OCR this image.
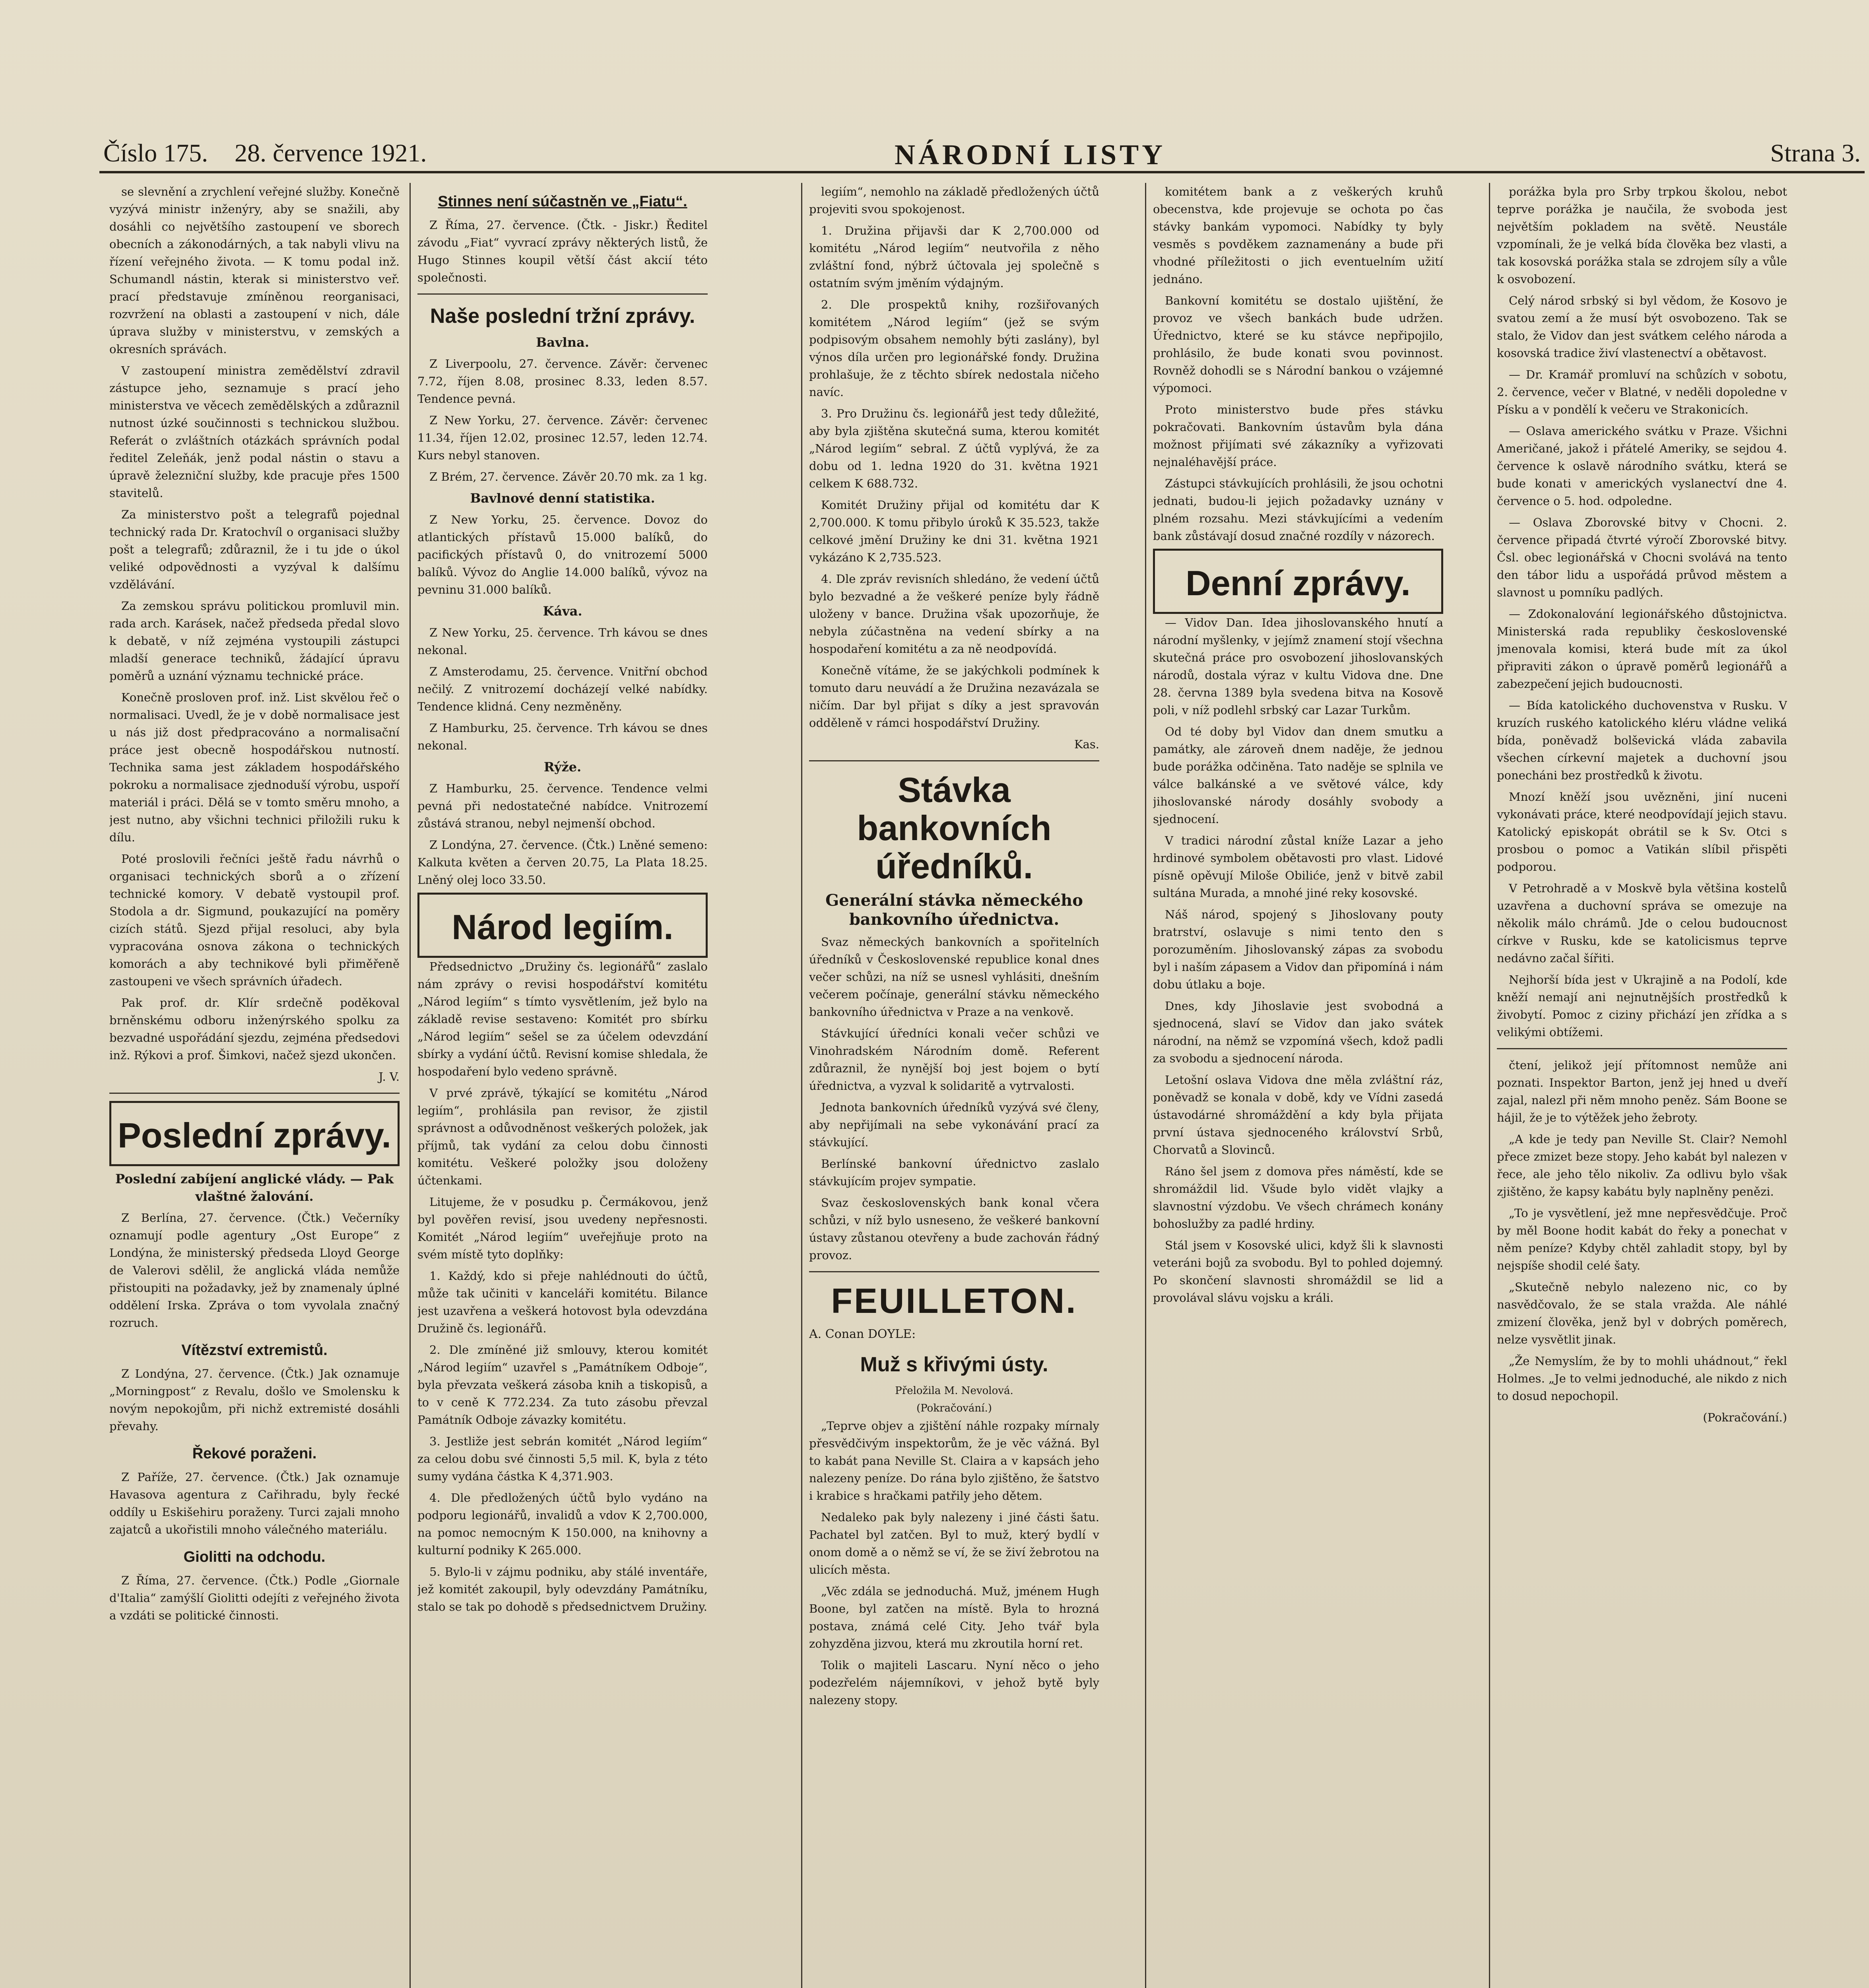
Číslo 175. 28. července 1921.	NÁRODNÍ LISTY	Strana 3.

se slevnění a zrychlení veřejné služby. Konečně vyzývá ministr inženýry, aby se snažili, aby dosáhli co největšího zastoupení ve sborech obecních a zákonodárných, a tak nabyli vlivu na řízení veřejného života. — K tomu podal inž. Schumandl nástin, kterak si ministerstvo veř. prací představuje zmíněnou reorganisaci, rozvržení na oblasti a zastoupení v nich, dále úprava služby v ministerstvu, v zemských a okresních správách.

V zastoupení ministra zemědělství zdravil zástupce jeho, seznamuje s prací jeho ministerstva ve věcech zemědělských a zdůraznil nutnost úzké součinnosti s technickou službou. Referát o zvláštních otázkách správních podal ředitel Zeleňák, jenž podal nástin o stavu a úpravě železniční služby, kde pracuje přes 1500 stavitelů.

Za ministerstvo pošt a telegrafů pojednal technický rada Dr. Kratochvíl o organisaci služby pošt a telegrafů; zdůraznil, že i tu jde o úkol veliké odpovědnosti a vyzýval k dalšímu vzdělávání.

Za zemskou správu politickou promluvil min. rada arch. Karásek, načež předseda předal slovo k debatě, v níž zejména vystoupili zástupci mladší generace techniků, žádající úpravu poměrů a uznání významu technické práce.

Konečně prosloven prof. inž. List skvělou řeč o normalisaci. Uvedl, že je v době normalisace jest u nás již dost předpracováno a normalisační práce jest obecně hospodářskou nutností. Technika sama jest základem hospodářského pokroku a normalisace zjednoduší výrobu, uspoří materiál i práci. Dělá se v tomto směru mnoho, a jest nutno, aby všichni technici přiložili ruku k dílu.

Poté proslovili řečníci ještě řadu návrhů o organisaci technických sborů a o zřízení technické komory. V debatě vystoupil prof. Stodola a dr. Sigmund, poukazující na poměry cizích států. Sjezd přijal resoluci, aby byla vypracována osnova zákona o technických komorách a aby technikové byli přiměřeně zastoupeni ve všech správních úřadech.

Pak prof. dr. Klír srdečně poděkoval brněnskému odboru inženýrského spolku za bezvadné uspořádání sjezdu, zejména předsedovi inž. Rýkovi a prof. Šimkovi, načež sjezd ukončen.

J. V.
Poslední zprávy.
Poslední zabíjení anglické vlády. — Pak vlaštné žalování.

Z Berlína, 27. července. (Čtk.) Večerníky oznamují podle agentury „Ost Europe“ z Londýna, že ministerský předseda Lloyd George de Valerovi sdělil, že anglická vláda nemůže přistoupiti na požadavky, jež by znamenaly úplné oddělení Irska. Zpráva o tom vyvolala značný rozruch.

Vítězství extremistů.

Z Londýna, 27. července. (Čtk.) Jak oznamuje „Morningpost“ z Revalu, došlo ve Smolensku k novým nepokojům, při nichž extremisté dosáhli převahy.

Řekové poraženi.

Z Paříže, 27. července. (Čtk.) Jak oznamuje Havasova agentura z Cařihradu, byly řecké oddíly u Eskišehiru poraženy. Turci zajali mnoho zajatců a ukořistili mnoho válečného materiálu.

Giolitti na odchodu.

Z Říma, 27. července. (Čtk.) Podle „Giornale d'Italia“ zamýšlí Giolitti odejíti z veřejného života a vzdáti se politické činnosti.

Stinnes není súčastněn ve „Fiatu“.

Z Říma, 27. července. (Čtk. - Jiskr.) Ředitel závodu „Fiat“ vyvrací zprávy některých listů, že Hugo Stinnes koupil větší část akcií této společnosti.

Naše poslední tržní zprávy.
Bavlna.

Z Liverpoolu, 27. července. Závěr: červenec 7.72, říjen 8.08, prosinec 8.33, leden 8.57. Tendence pevná.

Z New Yorku, 27. července. Závěr: červenec 11.34, říjen 12.02, prosinec 12.57, leden 12.74. Kurs nebyl stanoven.

Z Brém, 27. července. Závěr 20.70 mk. za 1 kg.

Bavlnové denní statistika.

Z New Yorku, 25. července. Dovoz do atlantických přístavů 15.000 balíků, do pacifických přístavů 0, do vnitrozemí 5000 balíků. Vývoz do Anglie 14.000 balíků, vývoz na pevninu 31.000 balíků.

Káva.

Z New Yorku, 25. července. Trh kávou se dnes nekonal.

Z Amsterodamu, 25. července. Vnitřní obchod nečilý. Z vnitrozemí docházejí velké nabídky. Tendence klidná. Ceny nezměněny.

Z Hamburku, 25. července. Trh kávou se dnes nekonal.

Rýže.

Z Hamburku, 25. července. Tendence velmi pevná při nedostatečné nabídce. Vnitrozemí zůstává stranou, nebyl nejmenší obchod.

Z Londýna, 27. července. (Čtk.) Lněné semeno: Kalkuta květen a červen 20.75, La Plata 18.25. Lněný olej loco 33.50.

Národ legiím.

Předsednictvo „Družiny čs. legionářů“ zaslalo nám zprávy o revisi hospodářství komitétu „Národ legiím“ s tímto vysvětlením, jež bylo na základě revise sestaveno: Komitét pro sbírku „Národ legiím“ sešel se za účelem odevzdání sbírky a vydání účtů. Revisní komise shledala, že hospodaření bylo vedeno správně.

V prvé zprávě, týkající se komitétu „Národ legiím“, prohlásila pan revisor, že zjistil správnost a odůvodněnost veškerých položek, jak příjmů, tak vydání za celou dobu činnosti komitétu. Veškeré položky jsou doloženy účtenkami.

Litujeme, že v posudku p. Čermákovou, jenž byl pověřen revisí, jsou uvedeny nepřesnosti. Komitét „Národ legiím“ uveřejňuje proto na svém místě tyto doplňky:

1. Každý, kdo si přeje nahlédnouti do účtů, může tak učiniti v kanceláři komitétu. Bilance jest uzavřena a veškerá hotovost byla odevzdána Družině čs. legionářů.

2. Dle zmíněné již smlouvy, kterou komitét „Národ legiím“ uzavřel s „Památníkem Odboje“, byla převzata veškerá zásoba knih a tiskopisů, a to v ceně K 772.234. Za tuto zásobu převzal Památník Odboje závazky komitétu.

3. Jestliže jest sebrán komitét „Národ legiím“ za celou dobu své činnosti 5,5 mil. K, byla z této sumy vydána částka K 4,371.903.

4. Dle předložených účtů bylo vydáno na podporu legionářů, invalidů a vdov K 2,700.000, na pomoc nemocným K 150.000, na knihovny a kulturní podniky K 265.000.

5. Bylo-li v zájmu podniku, aby stálé inventáře, jež komitét zakoupil, byly odevzdány Památníku, stalo se tak po dohodě s předsednictvem Družiny.

legiím“, nemohlo na základě předložených účtů projeviti svou spokojenost.

1. Družina přijavši dar K 2,700.000 od komitétu „Národ legiím“ neutvořila z něho zvláštní fond, nýbrž účtovala jej společně s ostatním svým jměním výdajným.

2. Dle prospektů knihy, rozšiřovaných komitétem „Národ legiím“ (jež se svým podpisovým obsahem nemohly býti zaslány), byl výnos díla určen pro legionářské fondy. Družina prohlašuje, že z těchto sbírek nedostala ničeho navíc.

3. Pro Družinu čs. legionářů jest tedy důležité, aby byla zjištěna skutečná suma, kterou komitét „Národ legiím“ sebral. Z účtů vyplývá, že za dobu od 1. ledna 1920 do 31. května 1921 celkem K 688.732.

Komitét Družiny přijal od komitétu dar K 2,700.000. K tomu přibylo úroků K 35.523, takže celkové jmění Družiny ke dni 31. května 1921 vykázáno K 2,735.523.

4. Dle zpráv revisních shledáno, že vedení účtů bylo bezvadné a že veškeré peníze byly řádně uloženy v bance. Družina však upozorňuje, že nebyla zúčastněna na vedení sbírky a na hospodaření komitétu a za ně neodpovídá.

Konečně vítáme, že se jakýchkoli podmínek k tomuto daru neuvádí a že Družina nezavázala se ničím. Dar byl přijat s díky a jest spravován odděleně v rámci hospodářství Družiny.

Kas.
Stávka bankovních úředníků.
Generální stávka německého bankovního úřednictva.

Svaz německých bankovních a spořitelních úředníků v Československé republice konal dnes večer schůzi, na níž se usnesl vyhlásiti, dnešním večerem počínaje, generální stávku německého bankovního úřednictva v Praze a na venkově.

Stávkující úředníci konali večer schůzi ve Vinohradském Národním domě. Referent zdůraznil, že nynější boj jest bojem o bytí úřednictva, a vyzval k solidaritě a vytrvalosti.

Jednota bankovních úředníků vyzývá své členy, aby nepřijímali na sebe vykonávání prací za stávkující.

Berlínské bankovní úřednictvo zaslalo stávkujícím projev sympatie.

Svaz československých bank konal včera schůzi, v níž bylo usneseno, že veškeré bankovní ústavy zůstanou otevřeny a bude zachován řádný provoz.

FEUILLETON.
A. Conan DOYLE:
Muž s křivými ústy.
Přeložila M. Nevolová.
(Pokračování.)

„Teprve objev a zjištění náhle rozpaky mírnaly přesvědčivým inspektorům, že je věc vážná. Byl to kabát pana Neville St. Claira a v kapsách jeho nalezeny peníze. Do rána bylo zjištěno, že šatstvo i krabice s hračkami patřily jeho dětem.

Nedaleko pak byly nalezeny i jiné části šatu. Pachatel byl zatčen. Byl to muž, který bydlí v onom domě a o němž se ví, že se živí žebrotou na ulicích města.

„Věc zdála se jednoduchá. Muž, jménem Hugh Boone, byl zatčen na místě. Byla to hrozná postava, známá celé City. Jeho tvář byla zohyzděna jizvou, která mu zkroutila horní ret.

Tolik o majiteli Lascaru. Nyní něco o jeho podezřelém nájemníkovi, v jehož bytě byly nalezeny stopy.

komitétem bank a z veškerých kruhů obecenstva, kde projevuje se ochota po čas stávky bankám vypomoci. Nabídky ty byly vesměs s povděkem zaznamenány a bude při vhodné příležitosti o jich eventuelním užití jednáno.

Bankovní komitétu se dostalo ujištění, že provoz ve všech bankách bude udržen. Úřednictvo, které se ku stávce nepřipojilo, prohlásilo, že bude konati svou povinnost. Rovněž dohodli se s Národní bankou o vzájemné výpomoci.

Proto ministerstvo bude přes stávku pokračovati. Bankovním ústavům byla dána možnost přijímati své zákazníky a vyřizovati nejnaléhavější práce.

Zástupci stávkujících prohlásili, že jsou ochotni jednati, budou-li jejich požadavky uznány v plném rozsahu. Mezi stávkujícími a vedením bank zůstávají dosud značné rozdíly v názorech.

Denní zprávy.

— Vidov Dan. Idea jihoslovanského hnutí a národní myšlenky, v jejímž znamení stojí všechna skutečná práce pro osvobození jihoslovanských národů, dostala výraz v kultu Vidova dne. Dne 28. června 1389 byla svedena bitva na Kosově poli, v níž podlehl srbský car Lazar Turkům.

Od té doby byl Vidov dan dnem smutku a památky, ale zároveň dnem naděje, že jednou bude porážka odčiněna. Tato naděje se splnila ve válce balkánské a ve světové válce, kdy jihoslovanské národy dosáhly svobody a sjednocení.

V tradici národní zůstal kníže Lazar a jeho hrdinové symbolem obětavosti pro vlast. Lidové písně opěvují Miloše Obiliće, jenž v bitvě zabil sultána Murada, a mnohé jiné reky kosovské.

Náš národ, spojený s Jihoslovany pouty bratrství, oslavuje s nimi tento den s porozuměním. Jihoslovanský zápas za svobodu byl i naším zápasem a Vidov dan připomíná i nám dobu útlaku a boje.

Dnes, kdy Jihoslavie jest svobodná a sjednocená, slaví se Vidov dan jako svátek národní, na němž se vzpomíná všech, kdož padli za svobodu a sjednocení národa.

Letošní oslava Vidova dne měla zvláštní ráz, poněvadž se konala v době, kdy ve Vídni zasedá ústavodárné shromáždění a kdy byla přijata první ústava sjednoceného království Srbů, Chorvatů a Slovinců.

Ráno šel jsem z domova přes náměstí, kde se shromáždil lid. Všude bylo vidět vlajky a slavnostní výzdobu. Ve všech chrámech konány bohoslužby za padlé hrdiny.

Stál jsem v Kosovské ulici, když šli k slavnosti veteráni bojů za svobodu. Byl to pohled dojemný. Po skončení slavnosti shromáždil se lid a provolával slávu vojsku a králi.

porážka byla pro Srby trpkou školou, nebot teprve porážka je naučila, že svoboda jest největším pokladem na světě. Neustále vzpomínali, že je velká bída člověka bez vlasti, a tak kosovská porážka stala se zdrojem síly a vůle k osvobození.

Celý národ srbský si byl vědom, že Kosovo je svatou zemí a že musí být osvobozeno. Tak se stalo, že Vidov dan jest svátkem celého národa a kosovská tradice živí vlastenectví a obětavost.

— Dr. Kramář promluví na schůzích v sobotu, 2. července, večer v Blatné, v neděli dopoledne v Písku a v pondělí k večeru ve Strakonicích.

— Oslava amerického svátku v Praze. Všichni Američané, jakož i přátelé Ameriky, se sejdou 4. července k oslavě národního svátku, která se bude konati v amerických vyslanectví dne 4. července o 5. hod. odpoledne.

— Oslava Zborovské bitvy v Chocni. 2. července připadá čtvrté výročí Zborovské bitvy. Čsl. obec legionářská v Chocni svolává na tento den tábor lidu a uspořádá průvod městem a slavnost u pomníku padlých.

— Zdokonalování legionářského důstojnictva. Ministerská rada republiky československé jmenovala komisi, která bude mít za úkol připraviti zákon o úpravě poměrů legionářů a zabezpečení jejich budoucnosti.

— Bída katolického duchovenstva v Rusku. V kruzích ruského katolického kléru vládne veliká bída, poněvadž bolševická vláda zabavila všechen církevní majetek a duchovní jsou ponecháni bez prostředků k životu.

Mnozí kněží jsou uvězněni, jiní nuceni vykonávati práce, které neodpovídají jejich stavu. Katolický episkopát obrátil se k Sv. Otci s prosbou o pomoc a Vatikán slíbil přispěti podporou.

V Petrohradě a v Moskvě byla většina kostelů uzavřena a duchovní správa se omezuje na několik málo chrámů. Jde o celou budoucnost církve v Rusku, kde se katolicismus teprve nedávno začal šířiti.

Nejhorší bída jest v Ukrajině a na Podolí, kde kněží nemají ani nejnutnějších prostředků k živobytí. Pomoc z ciziny přichází jen zřídka a s velikými obtížemi.

čtení, jelikož její přítomnost nemůže ani poznati. Inspektor Barton, jenž jej hned u dveří zajal, nalezl při něm mnoho peněz. Sám Boone se hájil, že je to výtěžek jeho žebroty.

„A kde je tedy pan Neville St. Clair? Nemohl přece zmizet beze stopy. Jeho kabát byl nalezen v řece, ale jeho tělo nikoliv. Za odlivu bylo však zjištěno, že kapsy kabátu byly naplněny penězi.

„To je vysvětlení, jež mne nepřesvědčuje. Proč by měl Boone hodit kabát do řeky a ponechat v něm peníze? Kdyby chtěl zahladit stopy, byl by nejspíše shodil celé šaty.

„Skutečně nebylo nalezeno nic, co by nasvědčovalo, že se stala vražda. Ale náhlé zmizení člověka, jenž byl v dobrých poměrech, nelze vysvětlit jinak.

„Že Nemyslím, že by to mohli uhádnout,“ řekl Holmes. „Je to velmi jednoduché, ale nikdo z nich to dosud nepochopil.

(Pokračování.)
